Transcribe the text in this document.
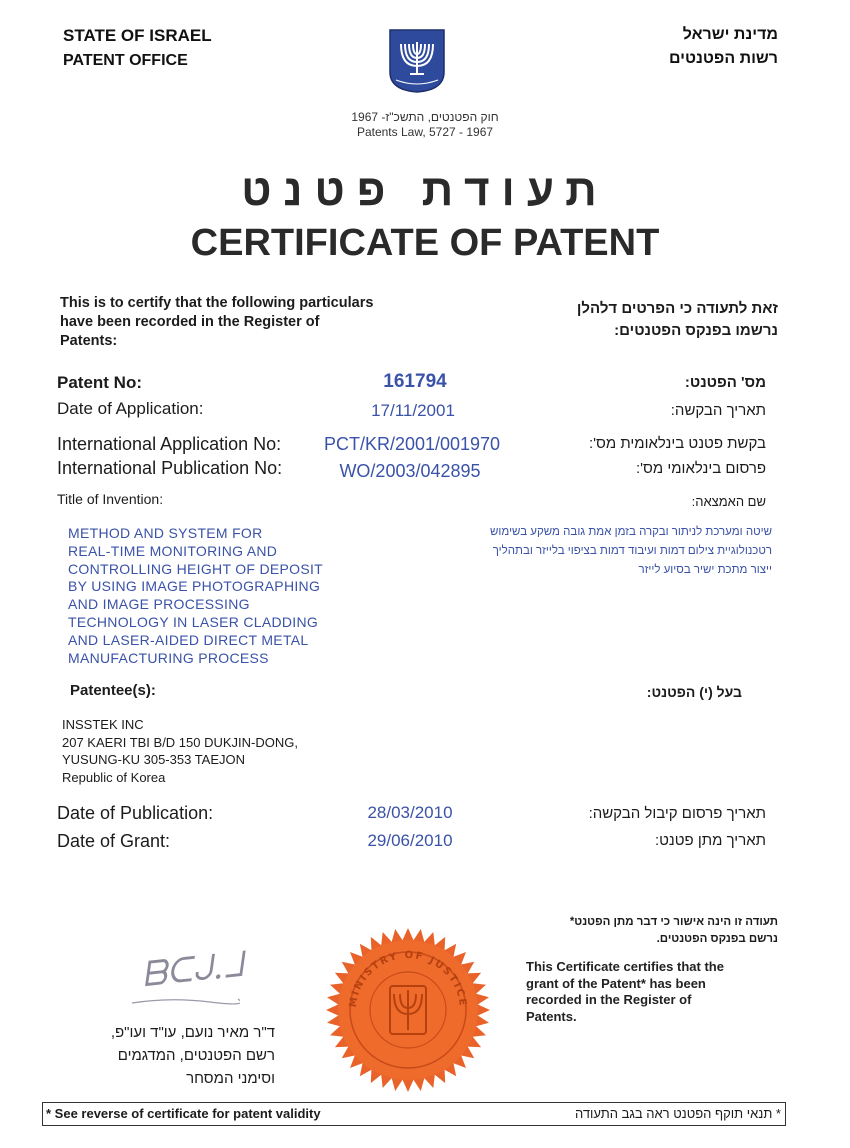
STATE OF ISRAEL
PATENT OFFICE
מדינת ישראל
רשות הפטנטים
חוק הפטנטים, התשכ"ז- 1967
Patents Law, 5727 - 1967
תעודת פטנט
CERTIFICATE OF PATENT
This is to certify that the following particulars have been recorded in the Register of Patents:
זאת לתעודה כי הפרטים דלהלן
נרשמו בפנקס הפטנטים:
Patent No:	161794	מס' הפטנט:
Date of Application:	17/11/2001	תאריך הבקשה:
International Application No:	PCT/KR/2001/001970	בקשת פטנט בינלאומית מס':
International Publication No:	WO/2003/042895	פרסום בינלאומי מס':
Title of Invention:	שם האמצאה:
METHOD AND SYSTEM FOR
REAL-TIME MONITORING AND
CONTROLLING HEIGHT OF DEPOSIT
BY USING IMAGE PHOTOGRAPHING
AND IMAGE PROCESSING
TECHNOLOGY IN LASER CLADDING
AND LASER-AIDED DIRECT METAL
MANUFACTURING PROCESS
שיטה ומערכת לניתור ובקרה בזמן אמת גובה משקע בשימוש
רטכנולוגיית צילום דמות ועיבוד דמות בציפוי בלייזר ובתהליך
ייצור מתכת ישיר בסיוע לייזר
Patentee(s):	בעל (י) הפטנט:
INSSTEK INC
207 KAERI TBI B/D 150 DUKJIN-DONG,
YUSUNG-KU 305-353 TAEJON
Republic of Korea
Date of Publication:	28/03/2010	תאריך פרסום קיבול הבקשה:
Date of Grant:	29/06/2010	תאריך מתן פטנט:
תעודה זו הינה אישור כי דבר מתן הפטנט*
נרשם בפנקס הפטנטים.
This Certificate certifies that the
grant of the Patent* has been
recorded in the Register of
Patents.
ᗷᑕᒍ.ᒧ
ד"ר מאיר נועם, עו"ד ועו"פ,
רשם הפטנטים, המדגמים
וסימני המסחר
MINISTRY OF JUSTICE
* See reverse of certificate for patent validity	* תנאי תוקף הפטנט ראה בגב התעודה
